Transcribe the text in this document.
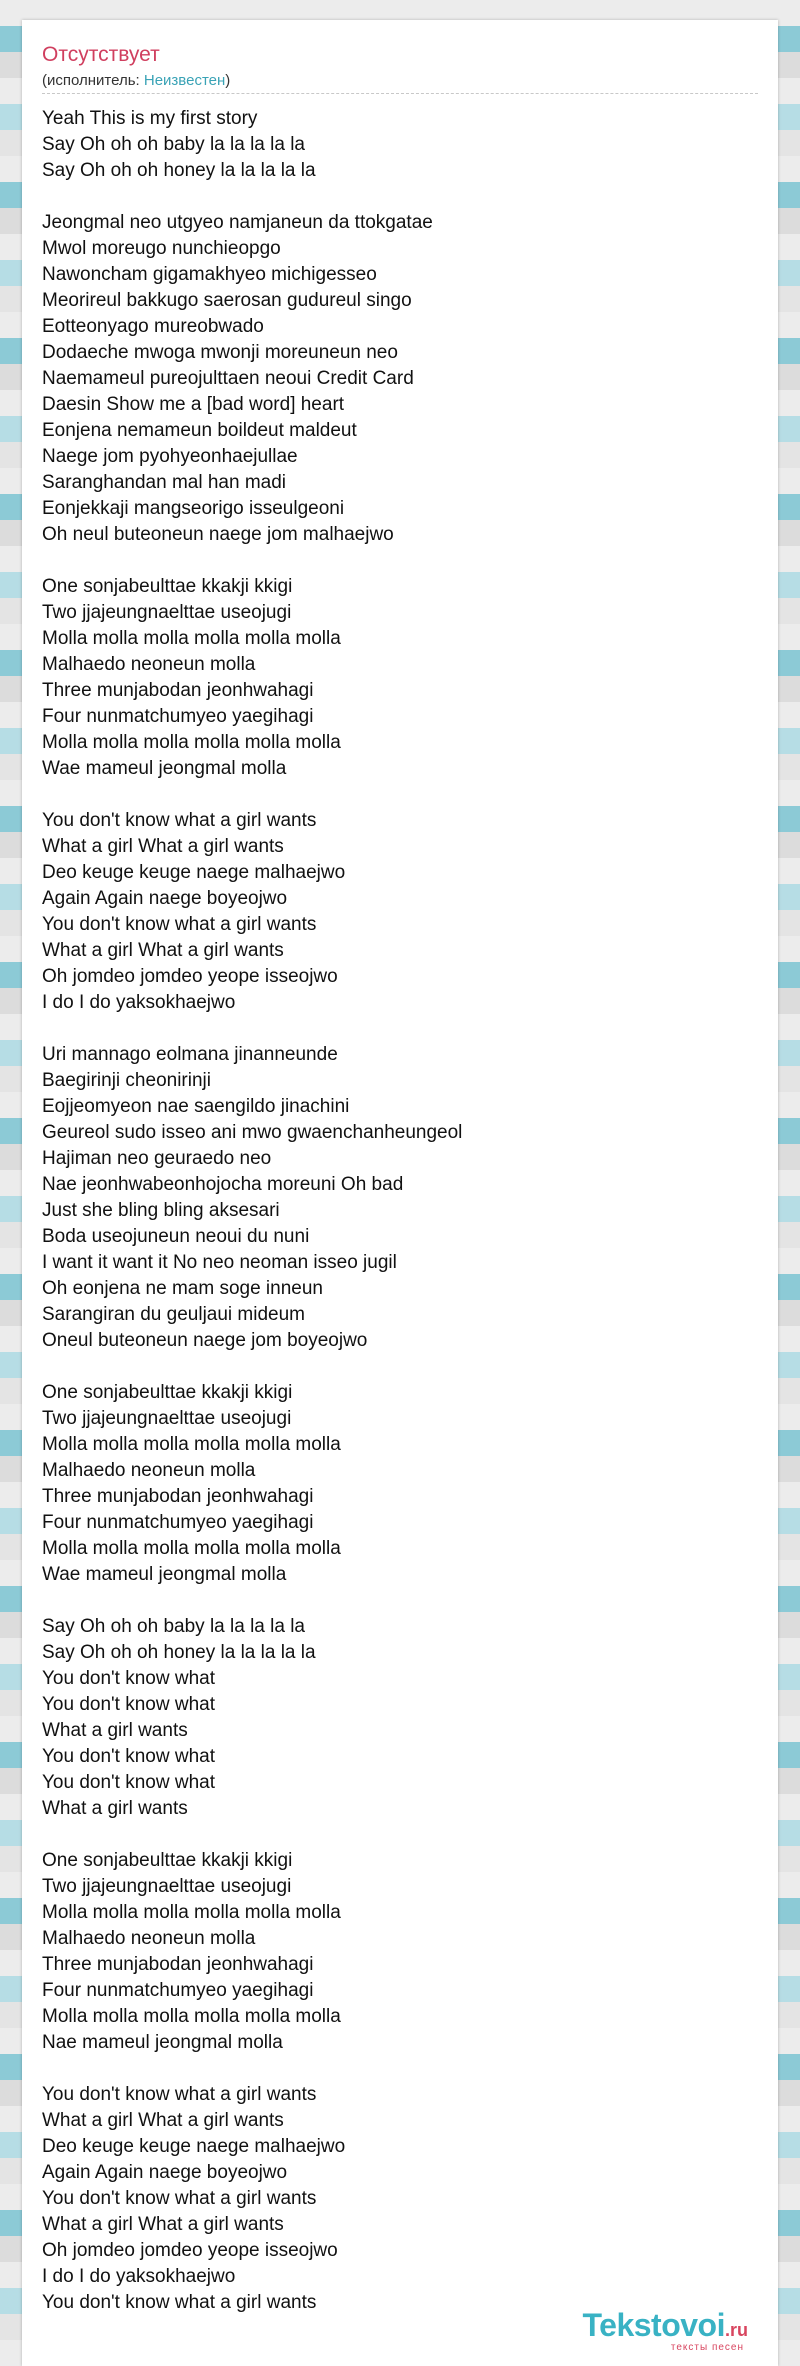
Отсутствует
(исполнитель: Неизвестен)
Yeah This is my first story
Say Oh oh oh baby la la la la la
Say Oh oh oh honey la la la la la
Jeongmal neo utgyeo namjaneun da ttokgatae
Mwol moreugo nunchieopgo
Nawoncham gigamakhyeo michigesseo
Meorireul bakkugo saerosan gudureul singo
Eotteonyago mureobwado
Dodaeche mwoga mwonji moreuneun neo
Naemameul pureojulttaen neoui Credit Card
Daesin Show me a [bad word] heart
Eonjena nemameun boildeut maldeut
Naege jom pyohyeonhaejullae
Saranghandan mal han madi
Eonjekkaji mangseorigo isseulgeoni
Oh neul buteoneun naege jom malhaejwo
One sonjabeulttae kkakji kkigi
Two jjajeungnaelttae useojugi
Molla molla molla molla molla molla
Malhaedo neoneun molla
Three munjabodan jeonhwahagi
Four nunmatchumyeo yaegihagi
Molla molla molla molla molla molla
Wae mameul jeongmal molla
You don't know what a girl wants
What a girl What a girl wants
Deo keuge keuge naege malhaejwo
Again Again naege boyeojwo
You don't know what a girl wants
What a girl What a girl wants
Oh jomdeo jomdeo yeope isseojwo
I do I do yaksokhaejwo
Uri mannago eolmana jinanneunde
Baegirinji cheonirinji
Eojjeomyeon nae saengildo jinachini
Geureol sudo isseo ani mwo gwaenchanheungeol
Hajiman neo geuraedo neo
Nae jeonhwabeonhojocha moreuni Oh bad
Just she bling bling aksesari
Boda useojuneun neoui du nuni
I want it want it No neo neoman isseo jugil
Oh eonjena ne mam soge inneun
Sarangiran du geuljaui mideum
Oneul buteoneun naege jom boyeojwo
One sonjabeulttae kkakji kkigi
Two jjajeungnaelttae useojugi
Molla molla molla molla molla molla
Malhaedo neoneun molla
Three munjabodan jeonhwahagi
Four nunmatchumyeo yaegihagi
Molla molla molla molla molla molla
Wae mameul jeongmal molla
Say Oh oh oh baby la la la la la
Say Oh oh oh honey la la la la la
You don't know what
You don't know what
What a girl wants
You don't know what
You don't know what
What a girl wants
One sonjabeulttae kkakji kkigi
Two jjajeungnaelttae useojugi
Molla molla molla molla molla molla
Malhaedo neoneun molla
Three munjabodan jeonhwahagi
Four nunmatchumyeo yaegihagi
Molla molla molla molla molla molla
Nae mameul jeongmal molla
You don't know what a girl wants
What a girl What a girl wants
Deo keuge keuge naege malhaejwo
Again Again naege boyeojwo
You don't know what a girl wants
What a girl What a girl wants
Oh jomdeo jomdeo yeope isseojwo
I do I do yaksokhaejwo
You don't know what a girl wants
Tekstovoi.ru
тексты песен
